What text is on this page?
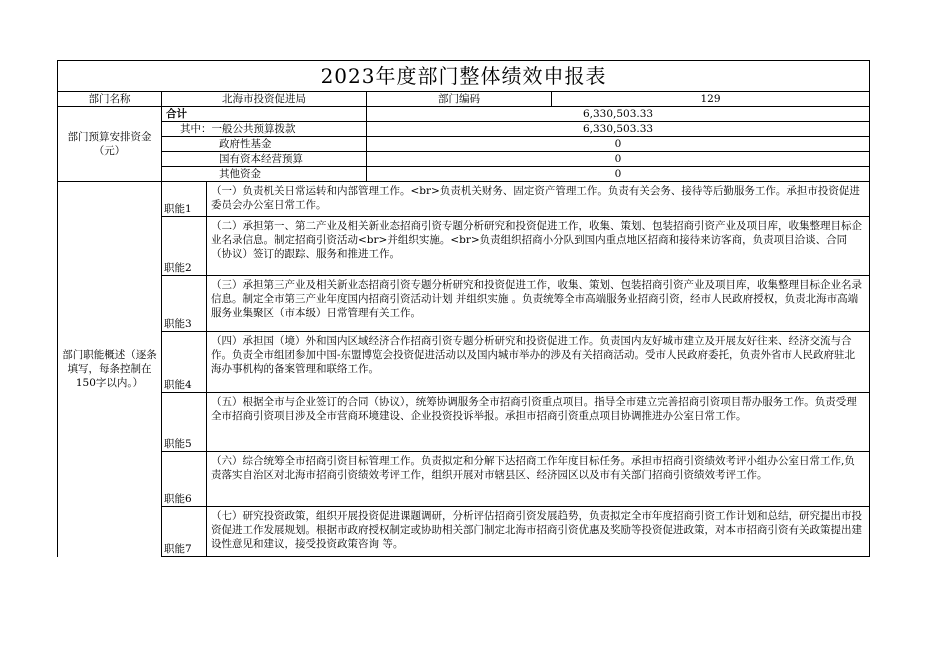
2023年度部门整体绩效申报表				
部门名称	北海市投资促进局		部门编码	129
部门预算安排资金（元）	合计		6,330,503.33	
	其中：一般公共预算拨款		6,330,503.33	
	政府性基金		0	
	国有资本经营预算		0	
	其他资金		0	
部门职能概述（逐条填写，每条控制在150字以内。）	职能1	（一）负责机关日常运转和内部管理工作。<br>负责机关财务、固定资产管理工作。负责有关会务、接待等后勤服务工作。承担市投资促进委员会办公室日常工作。		
	职能2	（二）承担第一、第二产业及相关新业态招商引资专题分析研究和投资促进工作，收集、策划、包装招商引资产业及项目库，收集整理目标企业名录信息。制定招商引资活动<br>并组织实施。<br>负责组织招商小分队到国内重点地区招商和接待来访客商，负责项目洽谈、合同（协议）签订的跟踪、服务和推进工作。		
	职能3	（三）承担第三产业及相关新业态招商引资专题分析研究和投资促进工作，收集、策划、包装招商引资产业及项目库，收集整理目标企业名录信息。制定全市第三产业年度国内招商引资活动计划 并组织实施 。负责统筹全市高端服务业招商引资，经市人民政府授权，负责北海市高端服务业集聚区（市本级）日常管理有关工作。		
	职能4	（四）承担国（境）外和国内区域经济合作招商引资专题分析研究和投资促进工作。负责国内友好城市建立及开展友好往来、经济交流与合作。负责全市组团参加中国-东盟博览会投资促进活动以及国内城市举办的涉及有关招商活动。受市人民政府委托，负责外省市人民政府驻北海办事机构的备案管理和联络工作。		
	职能5	（五）根据全市与企业签订的合同（协议），统筹协调服务全市招商引资重点项目。指导全市建立完善招商引资项目帮办服务工作。负责受理全市招商引资项目涉及全市营商环境建设、企业投资投诉举报。承担市招商引资重点项目协调推进办公室日常工作。		
	职能6	（六）综合统筹全市招商引资目标管理工作。负责拟定和分解下达招商工作年度目标任务。承担市招商引资绩效考评小组办公室日常工作,负责落实自治区对北海市招商引资绩效考评工作，组织开展对市辖县区、经济园区以及市有关部门招商引资绩效考评工作。		
	职能7	（七）研究投资政策，组织开展投资促进课题调研，分析评估招商引资发展趋势，负责拟定全市年度招商引资工作计划和总结，研究提出市投资促进工作发展规划。根据市政府授权制定或协助相关部门制定北海市招商引资优惠及奖励等投资促进政策，对本市招商引资有关政策提出建设性意见和建议，接受投资政策咨询 等。		
